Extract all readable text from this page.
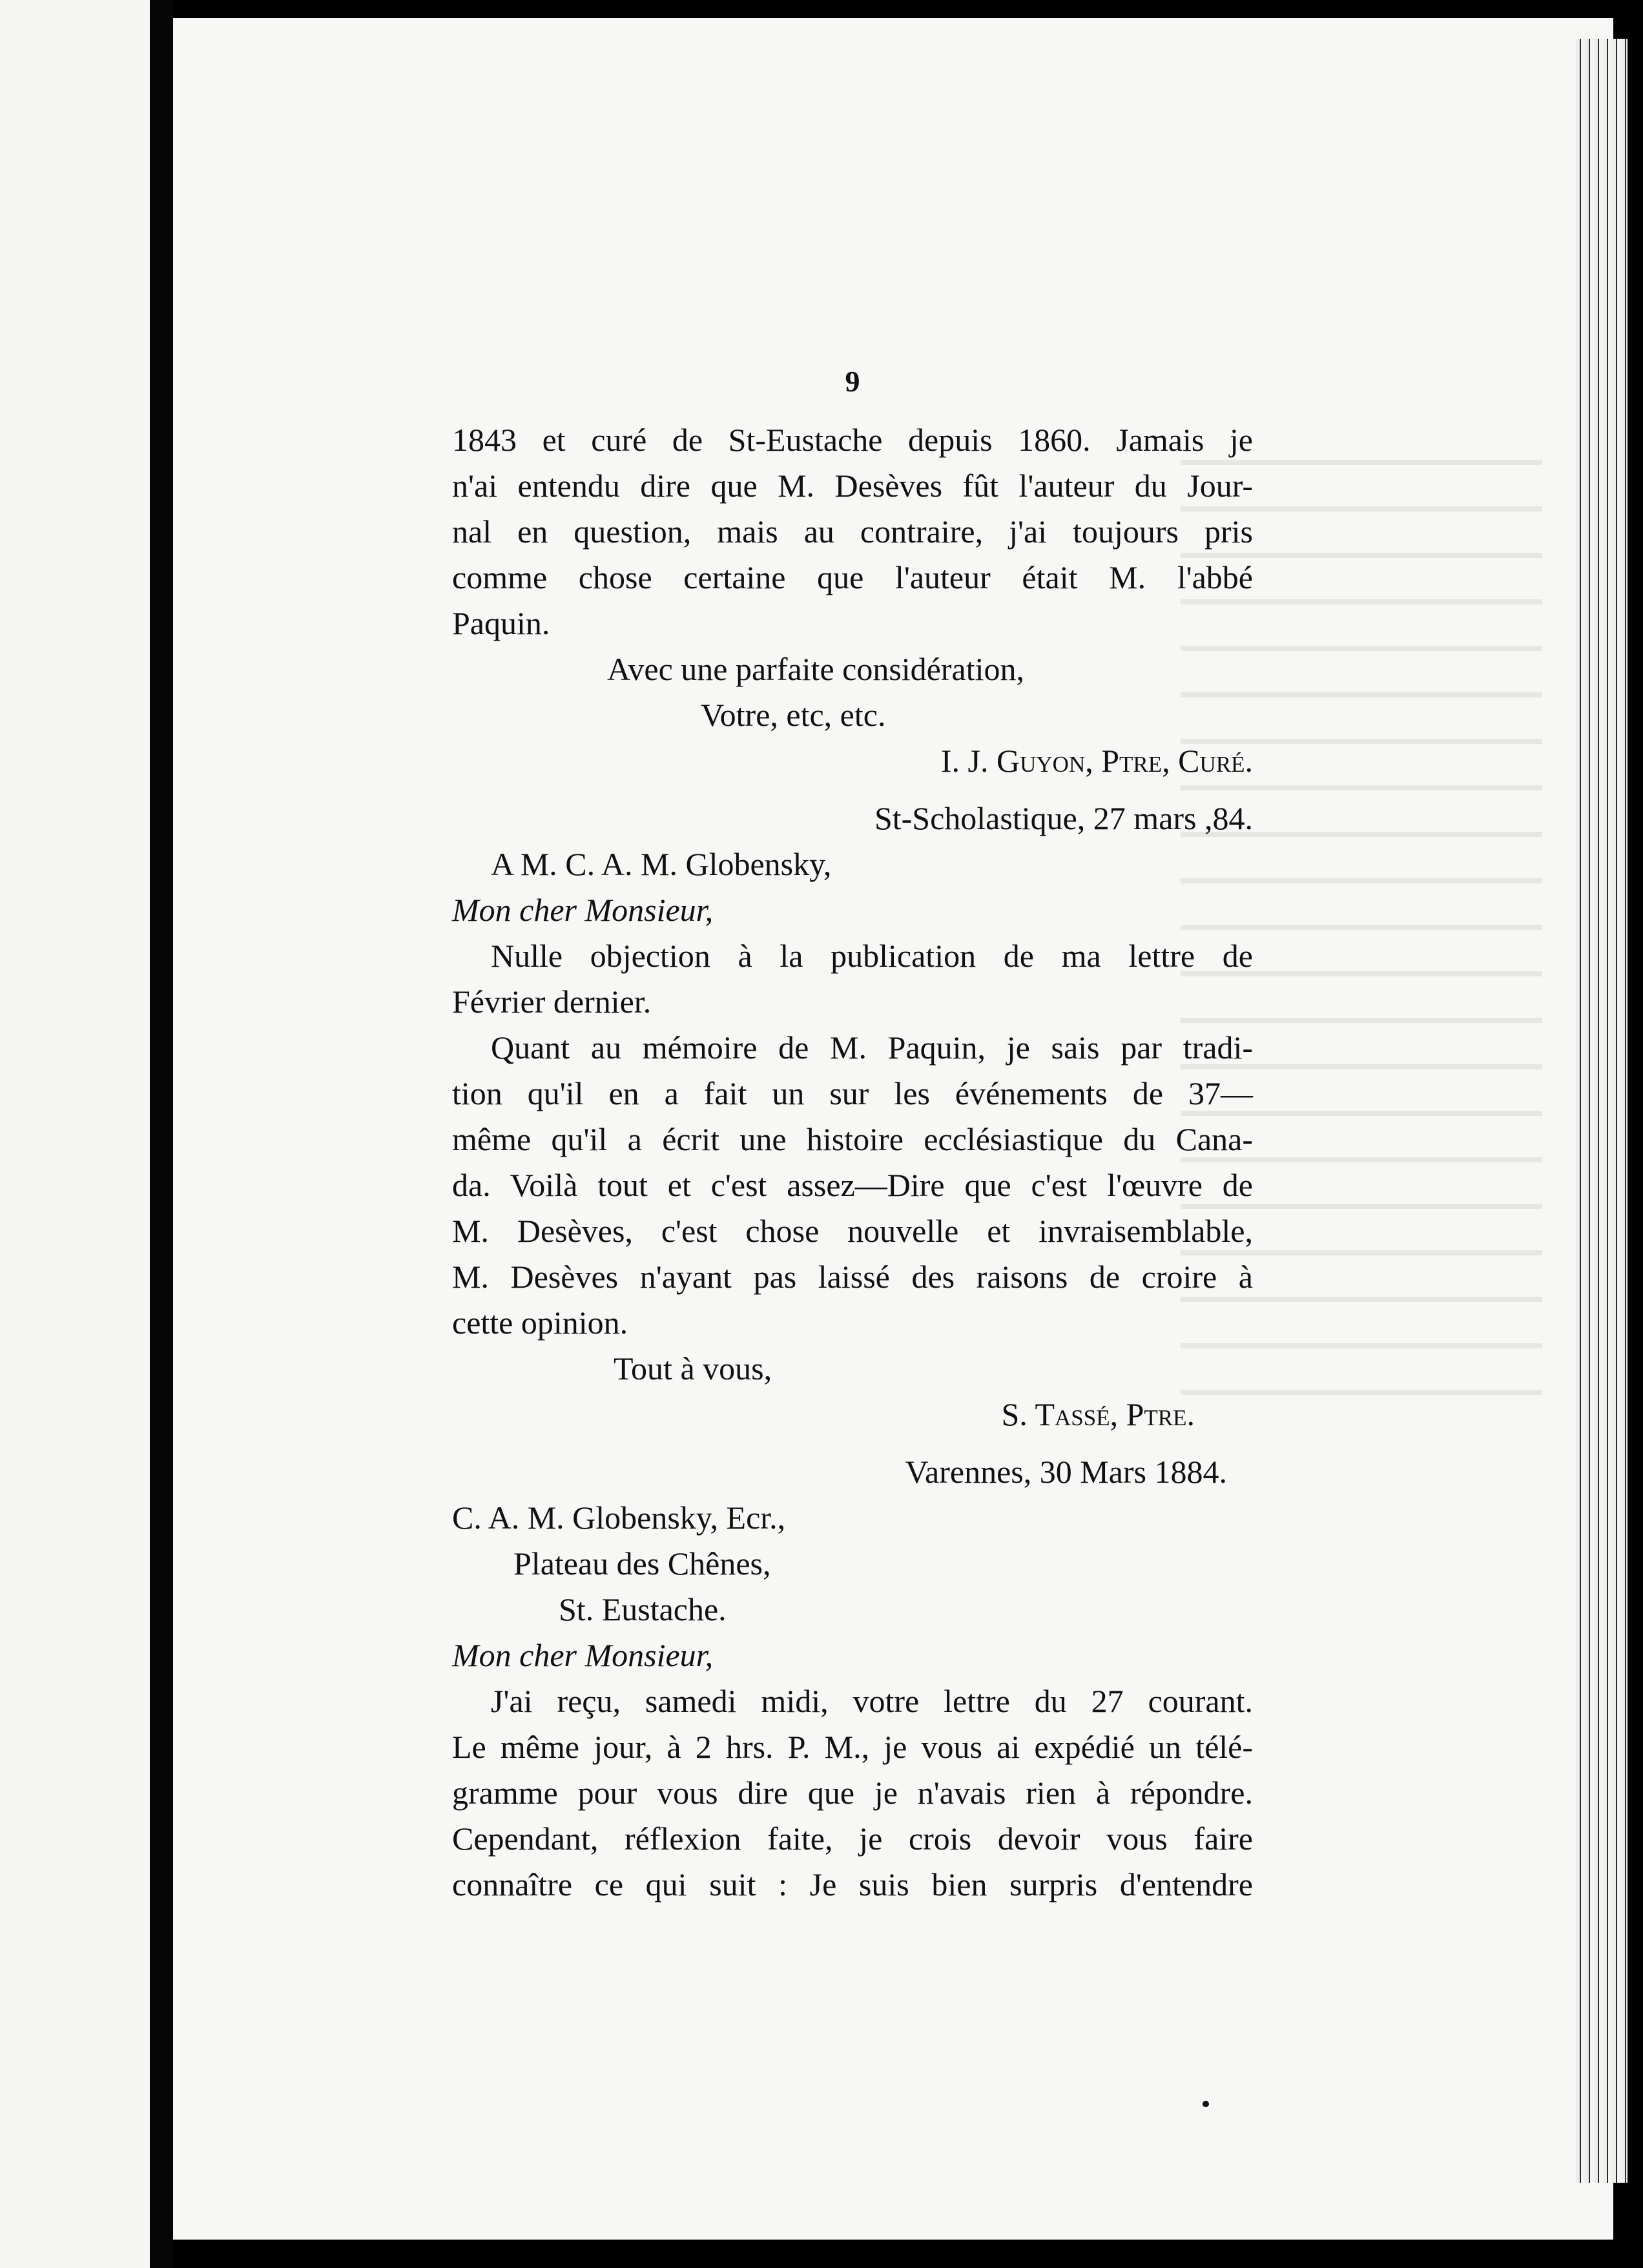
9
1843 et curé de St-Eustache depuis 1860. Jamais je
n'ai entendu dire que M. Desèves fût l'auteur du Jour-
nal en question, mais au contraire, j'ai toujours pris
comme chose certaine que l'auteur était M. l'abbé
Paquin.
Avec une parfaite considération,
Votre, etc, etc.
I. J. Guyon, Ptre, Curé.
St-Scholastique, 27 mars ,84.
A M. C. A. M. Globensky,
Mon cher Monsieur,
Nulle objection à la publication de ma lettre de
Février dernier.
Quant au mémoire de M. Paquin, je sais par tradi-
tion qu'il en a fait un sur les événements de 37—
même qu'il a écrit une histoire ecclésiastique du Cana-
da. Voilà tout et c'est assez—Dire que c'est l'œuvre de
M. Desèves, c'est chose nouvelle et invraisemblable,
M. Desèves n'ayant pas laissé des raisons de croire à
cette opinion.
Tout à vous,
S. Tassé, Ptre.
Varennes, 30 Mars 1884.
C. A. M. Globensky, Ecr.,
Plateau des Chênes,
St. Eustache.
Mon cher Monsieur,
J'ai reçu, samedi midi, votre lettre du 27 courant.
Le même jour, à 2 hrs. P. M., je vous ai expédié un télé-
gramme pour vous dire que je n'avais rien à répondre.
Cependant, réflexion faite, je crois devoir vous faire
connaître ce qui suit : Je suis bien surpris d'entendre
